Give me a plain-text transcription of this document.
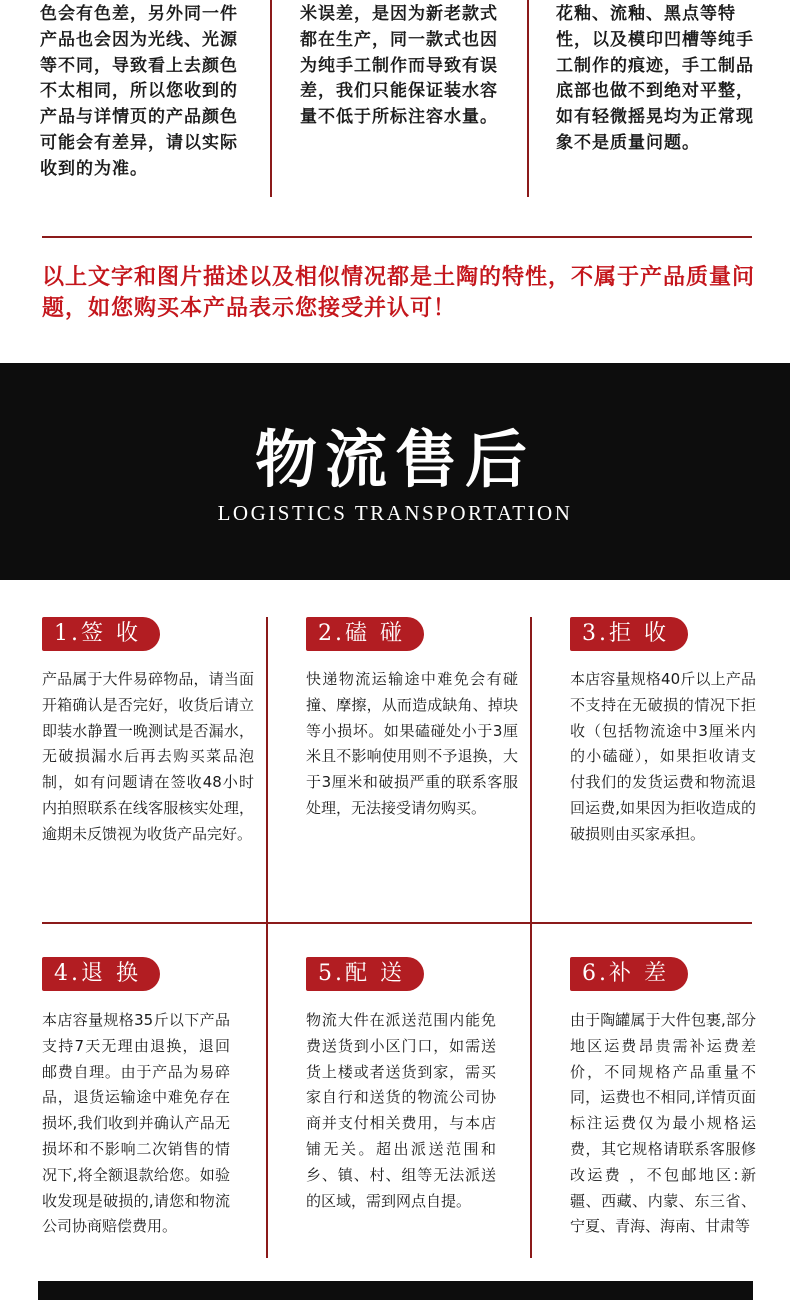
色会有色差，另外同一件产品也会因为光线、光源等不同，导致看上去颜色不太相同，所以您收到的产品与详情页的产品颜色可能会有差异，请以实际收到的为准。
米误差，是因为新老款式都在生产，同一款式也因为纯手工制作而导致有误差，我们只能保证装水容量不低于所标注容水量。
花釉、流釉、黑点等特性，以及模印凹槽等纯手工制作的痕迹，手工制品底部也做不到绝对平整，如有轻微摇晃均为正常现象不是质量问题。
以上文字和图片描述以及相似情况都是土陶的特性，不属于产品质量问题，如您购买本产品表示您接受并认可！
物流售后
LOGISTICS TRANSPORTATION
1.签 收
产品属于大件易碎物品，请当面开箱确认是否完好，收货后请立即装水静置一晚测试是否漏水，无破损漏水后再去购买菜品泡制，如有问题请在签收48小时内拍照联系在线客服核实处理，逾期未反馈视为收货产品完好。
2.磕 碰
快递物流运输途中难免会有碰撞、摩擦，从而造成缺角、掉块等小损坏。如果磕碰处小于3厘米且不影响使用则不予退换，大于3厘米和破损严重的联系客服处理，无法接受请勿购买。
3.拒 收
本店容量规格40斤以上产品不支持在无破损的情况下拒收（包括物流途中3厘米内的小磕碰），如果拒收请支付我们的发货运费和物流退回运费,如果因为拒收造成的破损则由买家承担。
4.退 换
本店容量规格35斤以下产品支持7天无理由退换，退回邮费自理。由于产品为易碎品，退货运输途中难免存在损坏,我们收到并确认产品无损坏和不影响二次销售的情况下,将全额退款给您。如验收发现是破损的,请您和物流公司协商赔偿费用。
5.配 送
物流大件在派送范围内能免费送货到小区门口，如需送货上楼或者送货到家，需买家自行和送货的物流公司协商并支付相关费用，与本店铺无关。超出派送范围和乡、镇、村、组等无法派送的区域，需到网点自提。
6.补 差
由于陶罐属于大件包裹,部分地区运费昂贵需补运费差价，不同规格产品重量不同，运费也不相同,详情页面标注运费仅为最小规格运费，其它规格请联系客服修改运费 ，不包邮地区:新疆、西藏、内蒙、东三省、宁夏、青海、海南、甘肃等
